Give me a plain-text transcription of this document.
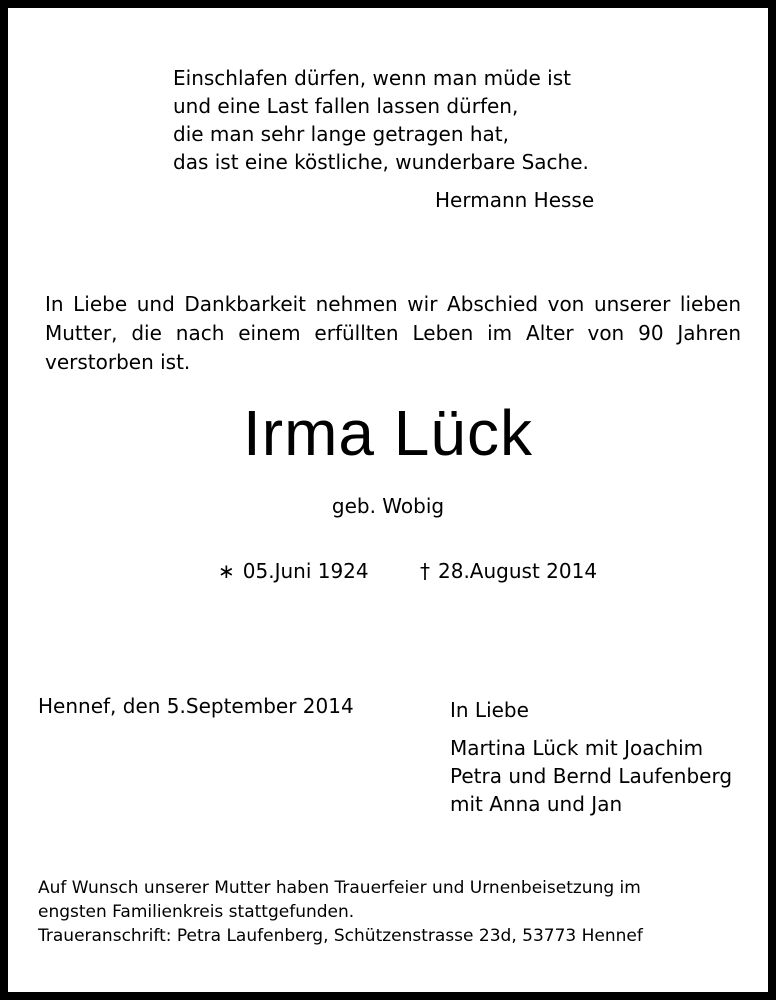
Einschlafen dürfen, wenn man müde ist
und eine Last fallen lassen dürfen,
die man sehr lange getragen hat,
das ist eine köstliche, wunderbare Sache.
Hermann Hesse

In Liebe und Dankbarkeit nehmen wir Abschied von unserer lieben Mutter, die nach einem erfüllten Leben im Alter von 90 Jahren verstorben ist.

Irma Lück
geb. Wobig
∗ 05.Juni 1924	† 28.August 2014
Hennef, den 5.September 2014	In Liebe
Martina Lück mit Joachim
Petra und Bernd Laufenberg
mit Anna und Jan
Auf Wunsch unserer Mutter haben Trauerfeier und Urnenbeisetzung im
engsten Familienkreis stattgefunden.
Traueranschrift: Petra Laufenberg, Schützenstrasse 23d, 53773 Hennef
